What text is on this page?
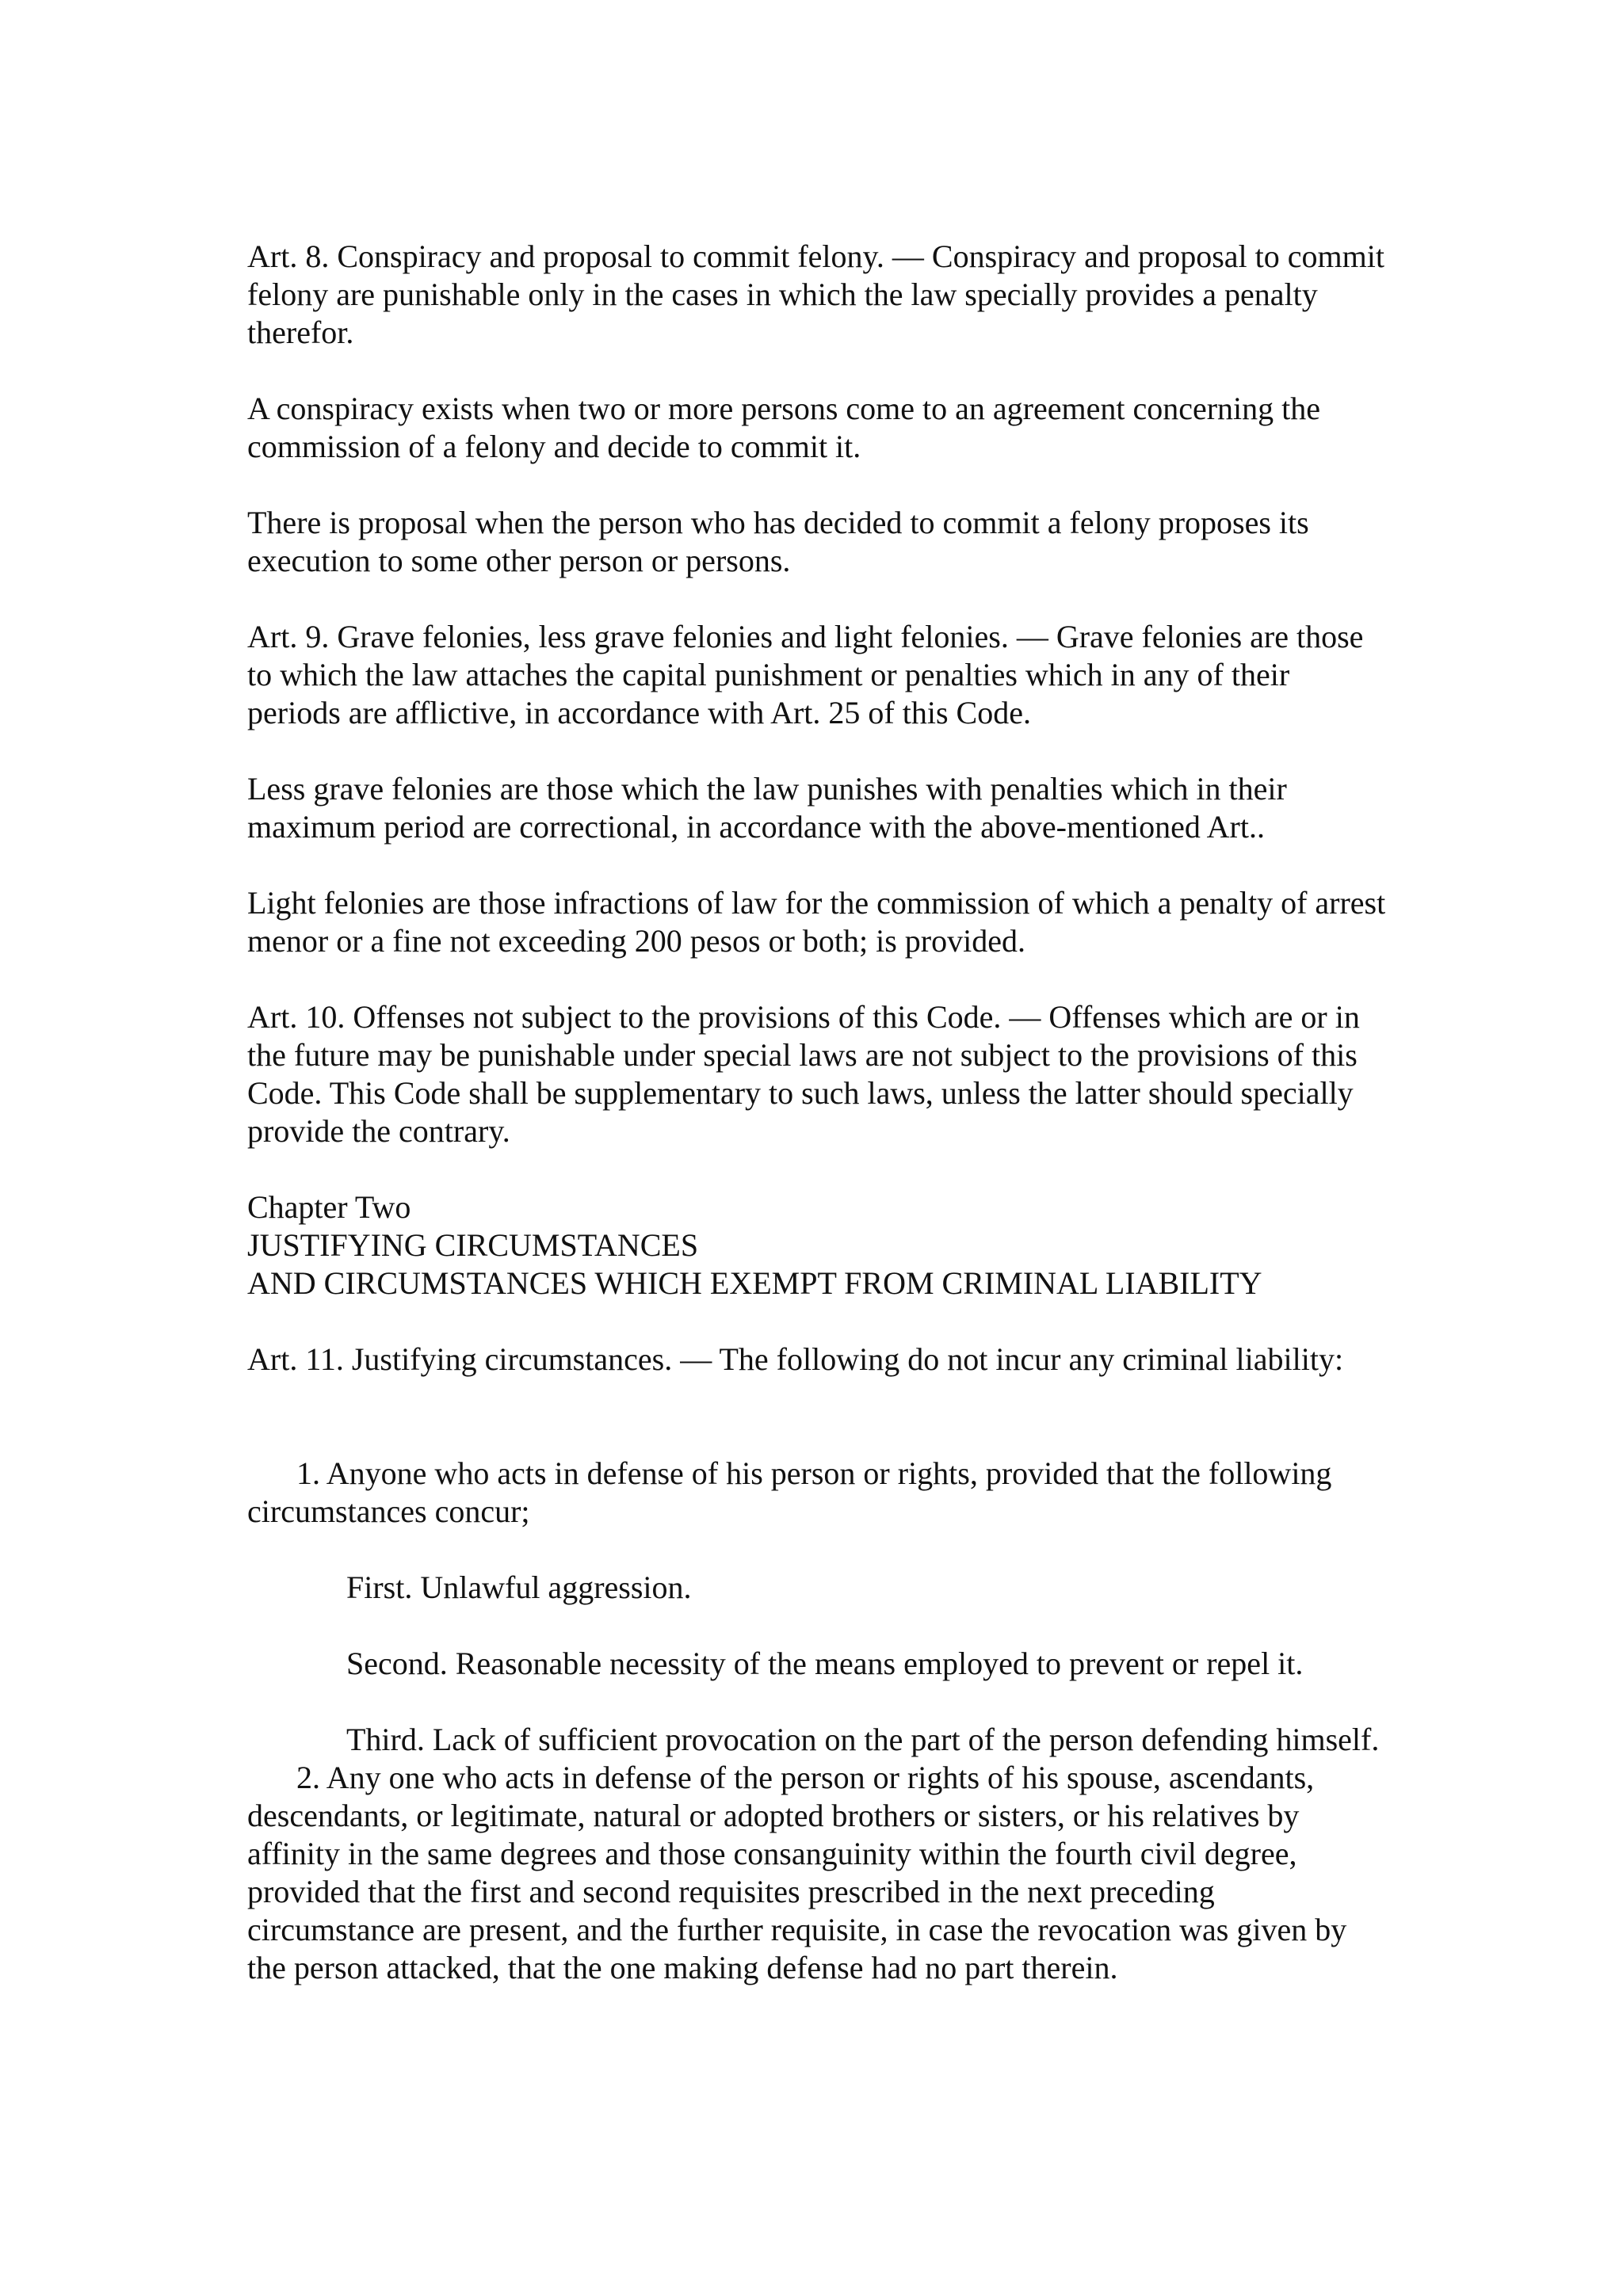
Art. 8. Conspiracy and proposal to commit felony. — Conspiracy and proposal to commit felony are punishable only in the cases in which the law specially provides a penalty therefor.

A conspiracy exists when two or more persons come to an agreement concerning the commission of a felony and decide to commit it.

There is proposal when the person who has decided to commit a felony proposes its execution to some other person or persons.

Art. 9. Grave felonies, less grave felonies and light felonies. — Grave felonies are those to which the law attaches the capital punishment or penalties which in any of their periods are afflictive, in accordance with Art. 25 of this Code.

Less grave felonies are those which the law punishes with penalties which in their maximum period are correctional, in accordance with the above-mentioned Art..

Light felonies are those infractions of law for the commission of which a penalty of arrest menor or a fine not exceeding 200 pesos or both; is provided.

Art. 10. Offenses not subject to the provisions of this Code. — Offenses which are or in the future may be punishable under special laws are not subject to the provisions of this Code. This Code shall be supplementary to such laws, unless the latter should specially provide the contrary.

Chapter Two
JUSTIFYING CIRCUMSTANCES
AND CIRCUMSTANCES WHICH EXEMPT FROM CRIMINAL LIABILITY

Art. 11. Justifying circumstances. — The following do not incur any criminal liability:

1. Anyone who acts in defense of his person or rights, provided that the following circumstances concur;

First. Unlawful aggression.

Second. Reasonable necessity of the means employed to prevent or repel it.

Third. Lack of sufficient provocation on the part of the person defending himself.

2. Any one who acts in defense of the person or rights of his spouse, ascendants, descendants, or legitimate, natural or adopted brothers or sisters, or his relatives by affinity in the same degrees and those consanguinity within the fourth civil degree, provided that the first and second requisites prescribed in the next preceding circumstance are present, and the further requisite, in case the revocation was given by the person attacked, that the one making defense had no part therein.
